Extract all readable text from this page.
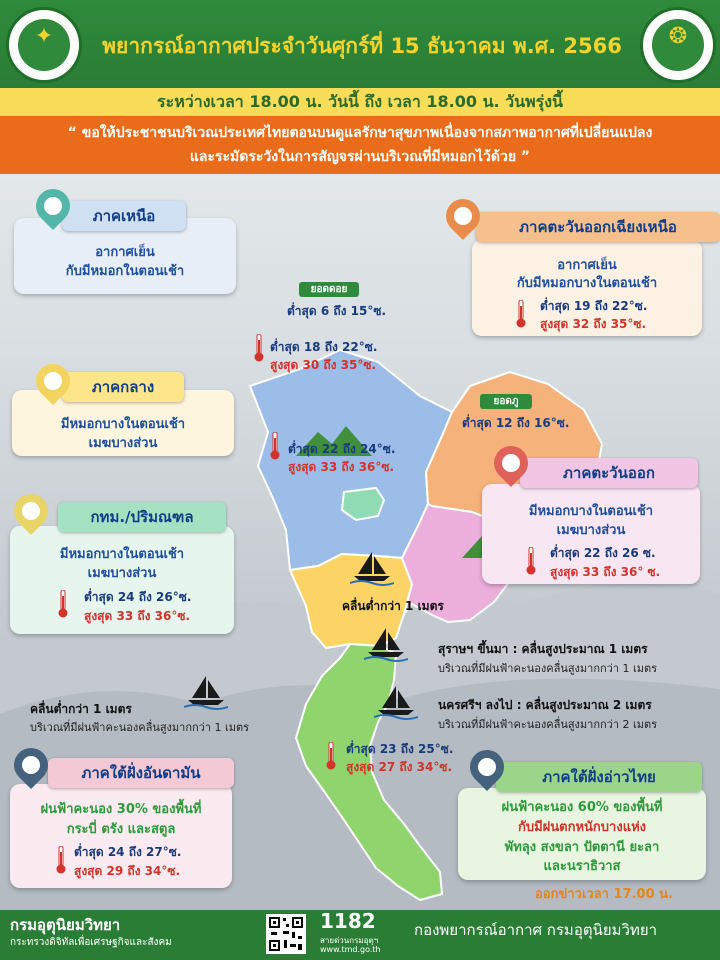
✦	❂
พยากรณ์อากาศประจำวันศุกร์ที่ 15 ธันวาคม พ.ศ. 2566
ระหว่างเวลา 18.00 น. วันนี้ ถึง เวลา 18.00 น. วันพรุ่งนี้
“ ขอให้ประชาชนบริเวณประเทศไทยตอนบนดูแลรักษาสุขภาพเนื่องจากสภาพอากาศที่เปลี่ยนแปลง
และระมัดระวังในการสัญจรผ่านบริเวณที่มีหมอกไว้ด้วย ”
ยอดดอย
ต่ำสุด 6 ถึง 15°ซ.
ยอดภู
ต่ำสุด 12 ถึง 16°ซ.
ต่ำสุด 18 ถึง 22°ซ.
สูงสุด 30 ถึง 35°ซ.
ต่ำสุด 22 ถึง 24°ซ.
สูงสุด 33 ถึง 36°ซ.
ต่ำสุด 23 ถึง 25°ซ.
สูงสุด 27 ถึง 34°ซ.
คลื่นต่ำกว่า 1 เมตร
สุราษฯ ขึ้นมา : คลื่นสูงประมาณ 1 เมตร
บริเวณที่มีฝนฟ้าคะนองคลื่นสูงมากกว่า 1 เมตร
นครศรีฯ ลงไป : คลื่นสูงประมาณ 2 เมตร
บริเวณที่มีฝนฟ้าคะนองคลื่นสูงมากกว่า 2 เมตร
คลื่นต่ำกว่า 1 เมตร
บริเวณที่มีฝนฟ้าคะนองคลื่นสูงมากกว่า 1 เมตร
ภาคเหนือ
อากาศเย็น
กับมีหมอกในตอนเช้า
ภาคตะวันออกเฉียงเหนือ
อากาศเย็น
กับมีหมอกบางในตอนเช้า
ต่ำสุด 19 ถึง 22°ซ.
สูงสุด 32 ถึง 35°ซ.
ภาคกลาง
มีหมอกบางในตอนเช้า
เมฆบางส่วน
ภาคตะวันออก
มีหมอกบางในตอนเช้า
เมฆบางส่วน
ต่ำสุด 22 ถึง 26 ซ.
สูงสุด 33 ถึง 36° ซ.
กทม./ปริมณฑล
มีหมอกบางในตอนเช้า
เมฆบางส่วน
ต่ำสุด 24 ถึง 26°ซ.
สูงสุด 33 ถึง 36°ซ.
ภาคใต้ฝั่งอันดามัน
ฝนฟ้าคะนอง 30% ของพื้นที่
กระบี่ ตรัง และสตูล
ต่ำสุด 24 ถึง 27°ซ.
สูงสุด 29 ถึง 34°ซ.
ภาคใต้ฝั่งอ่าวไทย
ฝนฟ้าคะนอง 60% ของพื้นที่
กับมีฝนตกหนักบางแห่ง
พัทลุง สงขลา ปัตตานี ยะลา
และนราธิวาส
ออกข่าวเวลา 17.00 น.
กรมอุตุนิยมวิทยา
กระทรวงดิจิทัลเพื่อเศรษฐกิจและสังคม
1182
สายด่วนกรมอุตุฯ
www.tmd.go.th
กองพยากรณ์อากาศ กรมอุตุนิยมวิทยา
